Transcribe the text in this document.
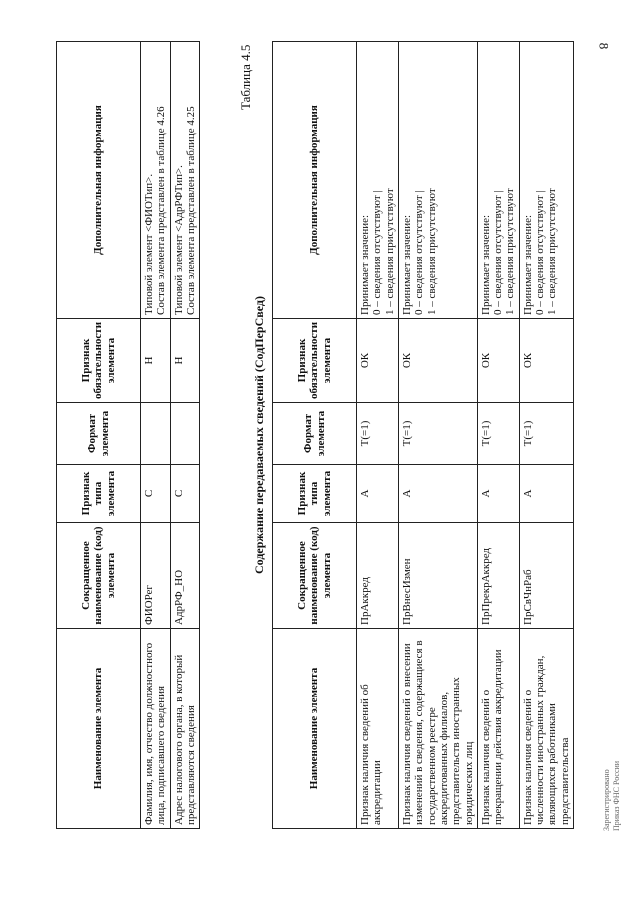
8
Наименование элемента	Сокращенное наименование (код) элемента	Признак типа элемента	Формат элемента	Признак обязательности элемента	Дополнительная информация
Фамилия, имя, отчество должностного лица, подписавшего сведения	ФИОРег	С		Н	Типовой элемент <ФИОТип>.
Состав элемента представлен в таблице 4.26
Адрес налогового органа, в который представляются сведения	АдрРФ_НО	С		Н	Типовой элемент <АдрРФТип>.
Состав элемента представлен в таблице 4.25
Таблица 4.5
Содержание передаваемых сведений (СодПерСвед)
Наименование элемента	Сокращенное наименование (код) элемента	Признак типа элемента	Формат элемента	Признак обязательности элемента	Дополнительная информация
Признак наличия сведений об аккредитации	ПрАккред	А	Т(=1)	ОК	Принимает значение:
0 – сведения отсутствуют |
1 – сведения присутствуют
Признак наличия сведений о внесении изменений в сведения, содержащиеся в государственном реестре аккредитованных филиалов, представительств иностранных юридических лиц	ПрВнесИзмен	А	Т(=1)	ОК	Принимает значение:
0 – сведения отсутствуют |
1 – сведения присутствуют
Признак наличия сведений о прекращении действия аккредитации	ПрПрекрАккред	А	Т(=1)	ОК	Принимает значение:
0 – сведения отсутствуют |
1 – сведения присутствуют
Признак наличия сведений о численности иностранных граждан, являющихся работниками представительства	ПрСвЧнРаб	А	Т(=1)	ОК	Принимает значение:
0 – сведения отсутствуют |
1 – сведения присутствуют
Зарегистрировано Приказ ФНС России
